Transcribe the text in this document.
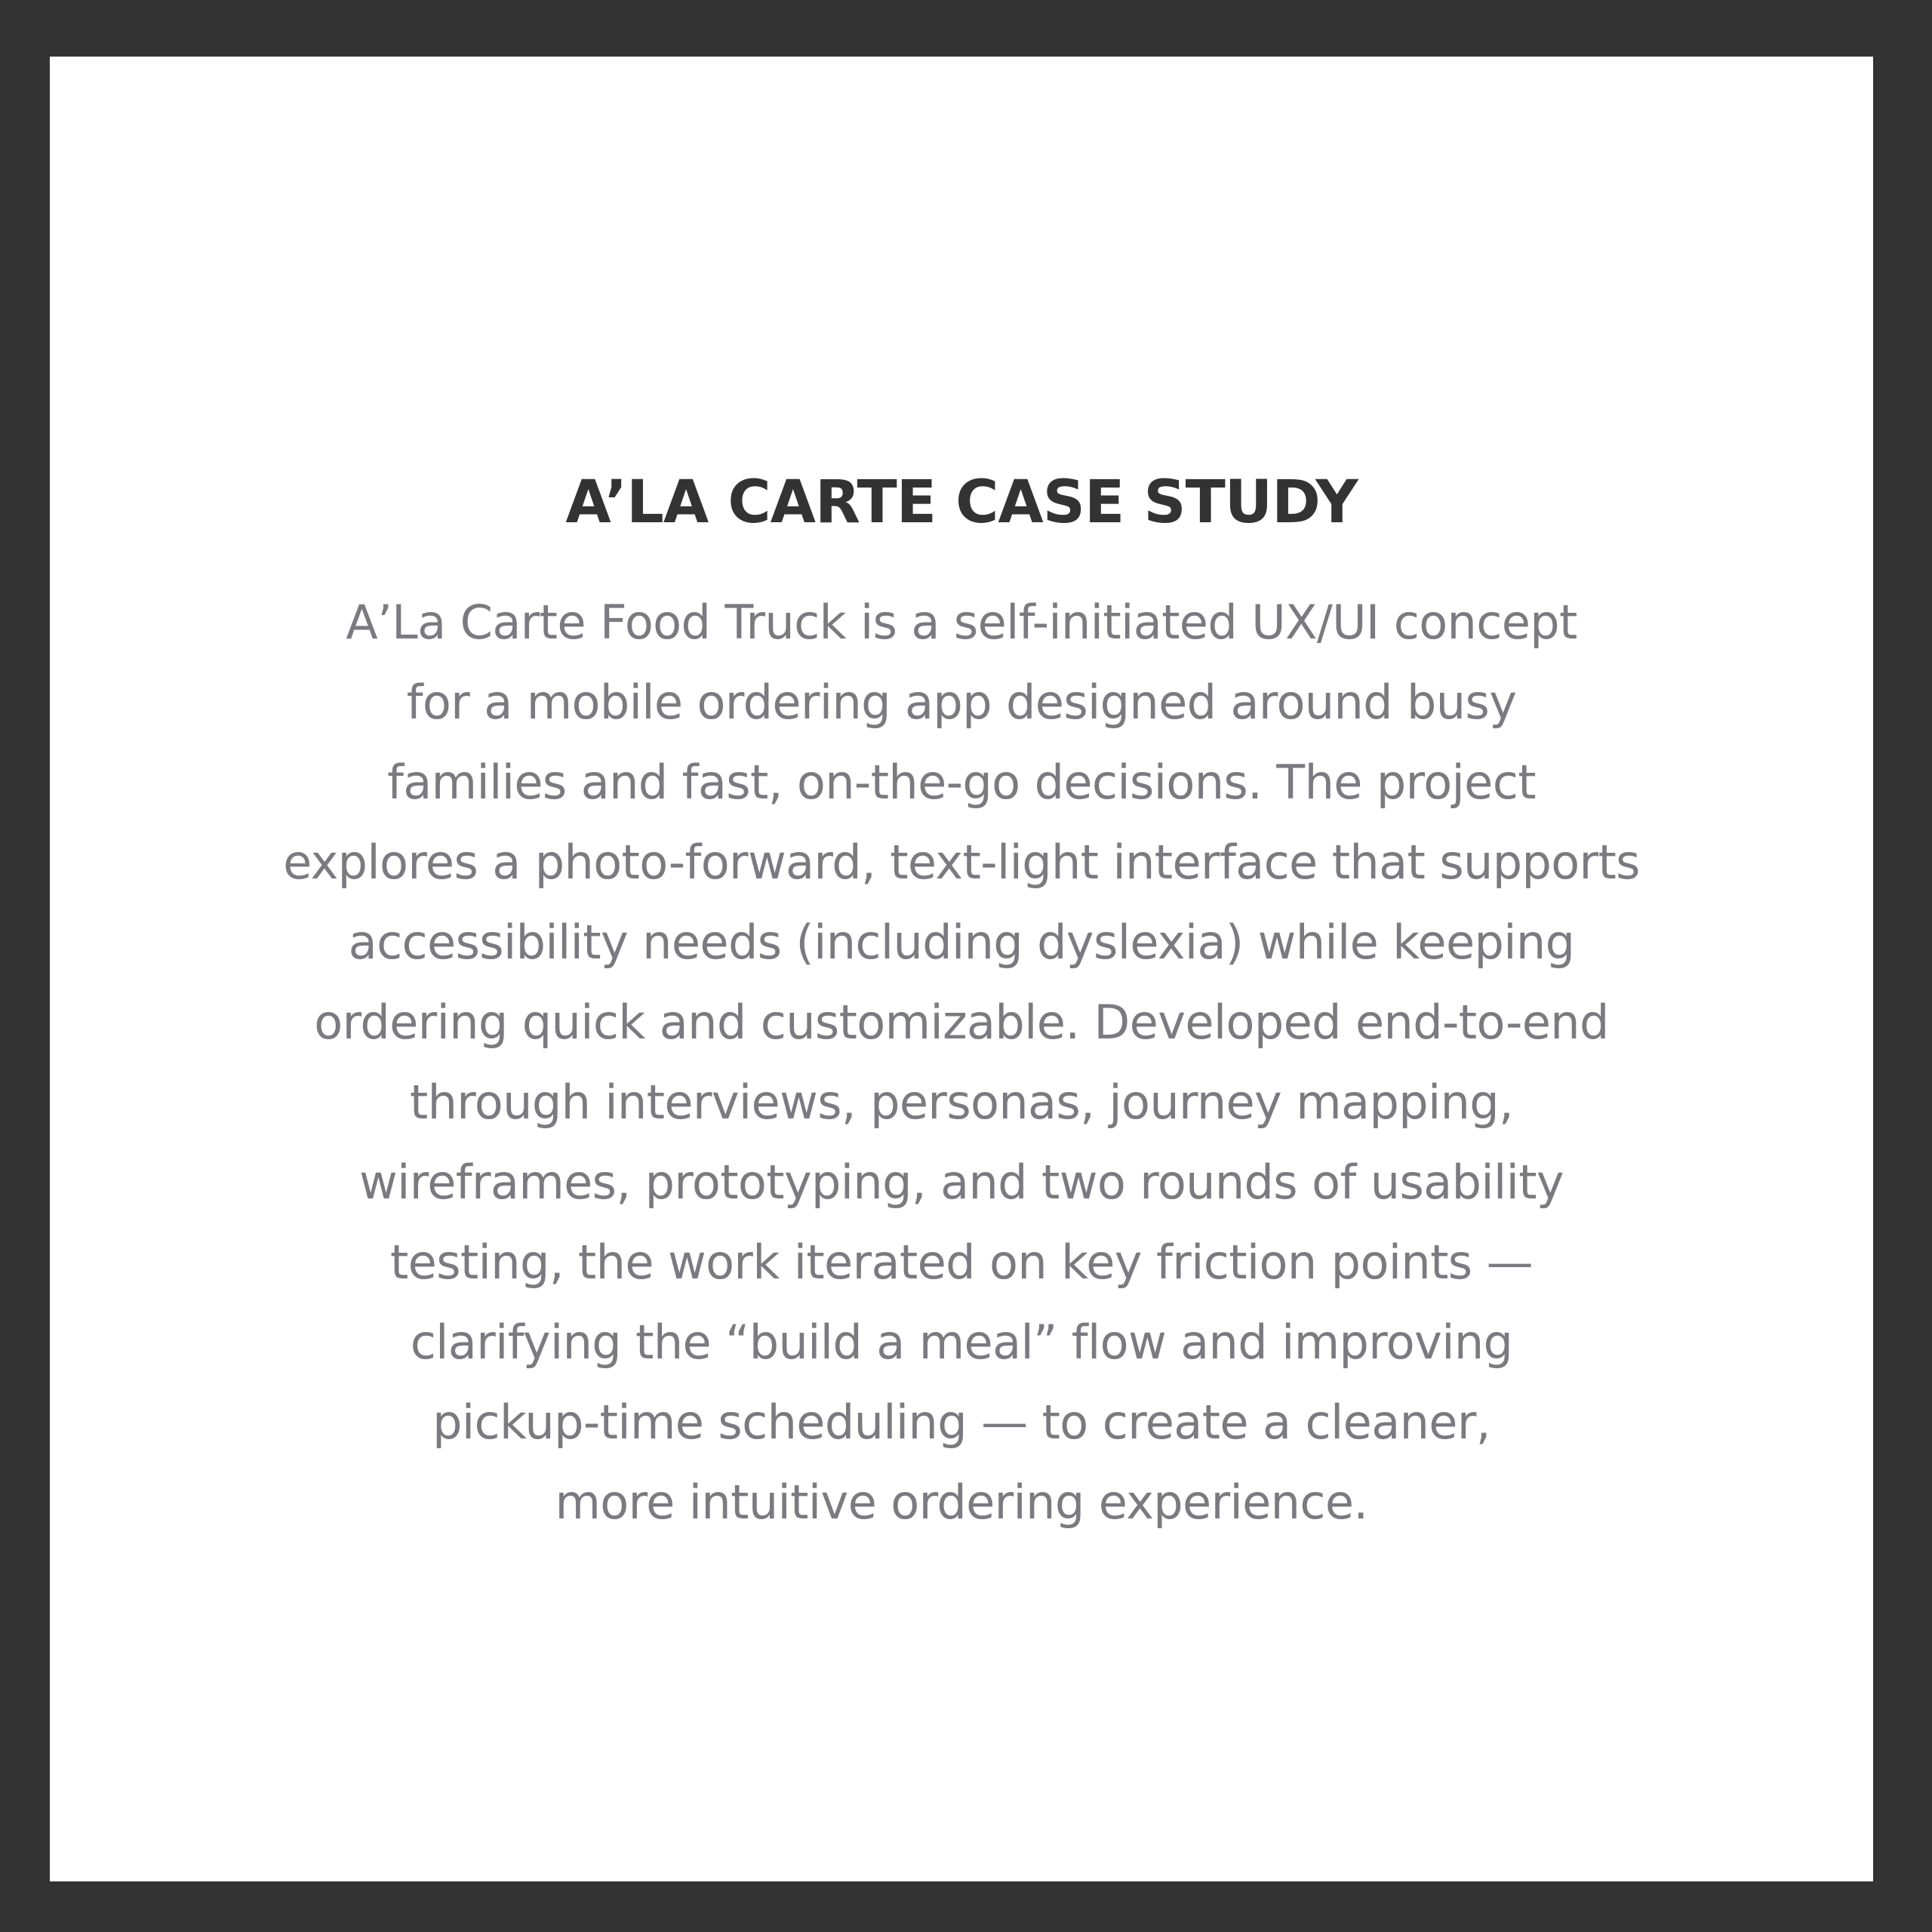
A’LA CARTE CASE STUDY

A’La Carte Food Truck is a self-initiated UX/UI concept
for a mobile ordering app designed around busy
families and fast, on-the-go decisions. The project
explores a photo-forward, text-light interface that supports
accessibility needs (including dyslexia) while keeping
ordering quick and customizable. Developed end-to-end
through interviews, personas, journey mapping,
wireframes, prototyping, and two rounds of usability
testing, the work iterated on key friction points —
clarifying the “build a meal” flow and improving
pickup-time scheduling — to create a cleaner,
more intuitive ordering experience.
